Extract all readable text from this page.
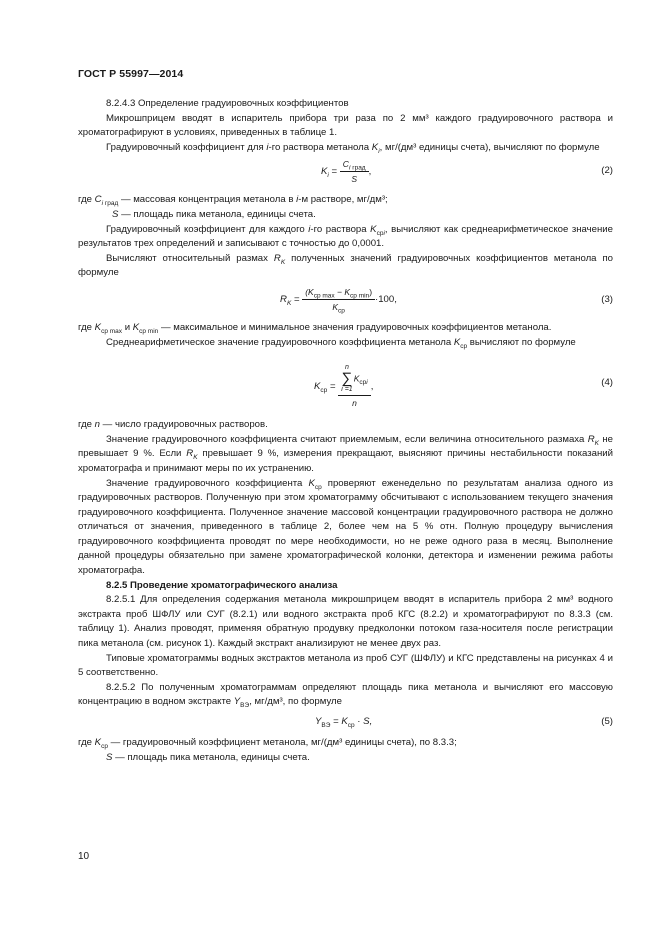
ГОСТ Р 55997—2014

8.2.4.3 Определение градуировочных коэффициентов

Микрошприцем вводят в испаритель прибора три раза по 2 мм³ каждого градуировочного раствора и хроматографируют в условиях, приведенных в таблице 1.

Градуировочный коэффициент для i-го раствора метанола $K_i$, мг/(дм³ единицы счета), вычисляют по формуле

$K_i = \frac{C_{i град}}{S}$ ,	(2)

где $C_{i град}$ — массовая концентрация метанола в i-м растворе, мг/дм³;

S — площадь пика метанола, единицы счета.

Градуировочный коэффициент для каждого i-го раствора $K_{срi}$, вычисляют как среднеарифметическое значение результатов трех определений и записывают с точностью до 0,0001.

Вычисляют относительный размах $R_K$ полученных значений градуировочных коэффициентов метанола по формуле

$R_K = \frac{(K_{ср max} - K_{ср min})}{K_{ср}} \cdot 100$,	(3)

где $K_{ср max}$ и $K_{ср min}$ — максимальное и минимальное значения градуировочных коэффициентов метанола.

Среднеарифметическое значение градуировочного коэффициента метанола $K_{ср}$ вычисляют по формуле

$K_{ср} = n$
∑
$i =1K_{срi}$
n ,	(4)

где n — число градуировочных растворов.

Значение градуировочного коэффициента считают приемлемым, если величина относительного размаха $R_K$ не превышает 9 %. Если $R_K$ превышает 9 %, измерения прекращают, выясняют причины нестабильности показаний хроматографа и принимают меры по их устранению.

Значение градуировочного коэффициента $K_{ср}$ проверяют еженедельно по результатам анализа одного из градуировочных растворов. Полученную при этом хроматограмму обсчитывают с использованием текущего значения градуировочного коэффициента. Полученное значение массовой концентрации градуировочного раствора не должно отличаться от значения, приведенного в таблице 2, более чем на 5 % отн. Полную процедуру вычисления градуировочного коэффициента проводят по мере необходимости, но не реже одного раза в месяц. Выполнение данной процедуры обязательно при замене хроматографической колонки, детектора и изменении режима работы хроматографа.

8.2.5 Проведение хроматографического анализа

8.2.5.1 Для определения содержания метанола микрошприцем вводят в испаритель прибора 2 мм³ водного экстракта проб ШФЛУ или СУГ (8.2.1) или водного экстракта проб КГС (8.2.2) и хроматографируют по 8.3.3 (см. таблицу 1). Анализ проводят, применяя обратную продувку предколонки потоком газа-носителя после регистрации пика метанола (см. рисунок 1). Каждый экстракт анализируют не менее двух раз.

Типовые хроматограммы водных экстрактов метанола из проб СУГ (ШФЛУ) и КГС представлены на рисунках 4 и 5 соответственно.

8.2.5.2 По полученным хроматограммам определяют площадь пика метанола и вычисляют его массовую концентрацию в водном экстракте $Y_{ВЭ}$, мг/дм³, по формуле

$Y_{ВЭ} = K_{ср} \cdot S$,	(5)

где $K_{ср}$ — градуировочный коэффициент метанола, мг/(дм³ единицы счета), по 8.3.3;

S — площадь пика метанола, единицы счета.

10
